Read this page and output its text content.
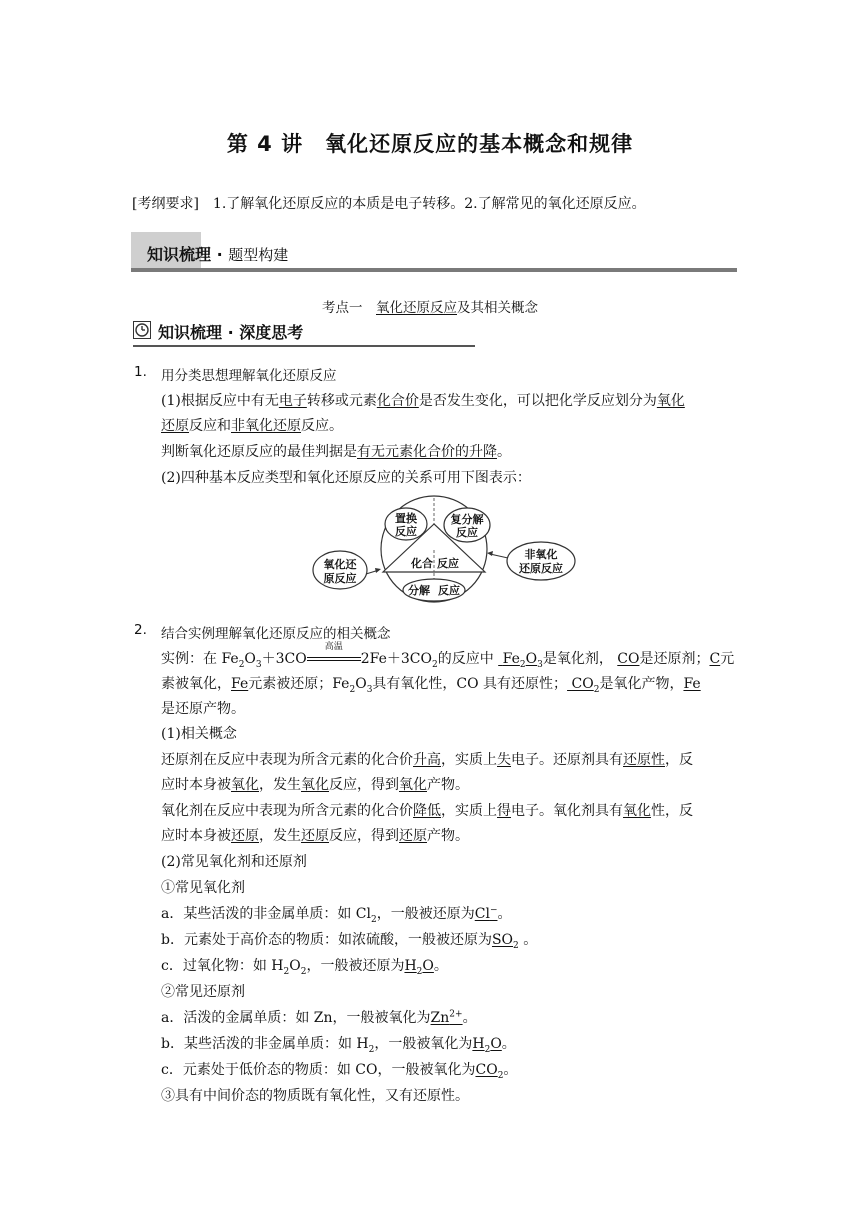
第 4 讲　氧化还原反应的基本概念和规律
[考纲要求]　1.了解氧化还原反应的本质是电子转移。2.了解常见的氧化还原反应。
知识梳理 · 题型构建
考点一　氧化还原反应及其相关概念
知识梳理 · 深度思考
1. 用分类思想理解氧化还原反应
(1)根据反应中有无电子转移或元素化合价是否发生变化，可以把化学反应划分为氧化
还原反应和非氧化还原反应。
判断氧化还原反应的最佳判据是有无元素化合价的升降。
(2)四种基本反应类型和氧化还原反应的关系可用下图表示：
置换
反应
复分解
反应
化合 反应
分解 反应
氧化还
原反应
非氧化
还原反应
2. 结合实例理解氧化还原反应的相关概念
实例：在 $Fe_2O_3+3CO$
高温
$2Fe+3CO_2$的反应中 $Fe_2O_3$是氧化剂， CO是还原剂；C元
素被氧化，Fe元素被还原；$Fe_2O_3$具有氧化性，CO 具有还原性； $CO_2$是氧化产物，Fe
是还原产物。
(1)相关概念
还原剂在反应中表现为所含元素的化合价升高，实质上失电子。还原剂具有还原性，反
应时本身被氧化，发生氧化反应，得到氧化产物。
氧化剂在反应中表现为所含元素的化合价降低，实质上得电子。氧化剂具有氧化性，反
应时本身被还原，发生还原反应，得到还原产物。
(2)常见氧化剂和还原剂
①常见氧化剂
a．某些活泼的非金属单质：如 $Cl_2$，一般被还原为Cl−。
b．元素处于高价态的物质：如浓硫酸，一般被还原为$SO_2$ 。
c．过氧化物：如 $H_2O_2$，一般被还原为$H_2O$。
②常见还原剂
a．活泼的金属单质：如 Zn，一般被氧化为$Zn^{2+}$。
b．某些活泼的非金属单质：如 $H_2$，一般被氧化为$H_2O$。
c．元素处于低价态的物质：如 CO，一般被氧化为$CO_2$。
③具有中间价态的物质既有氧化性，又有还原性。
